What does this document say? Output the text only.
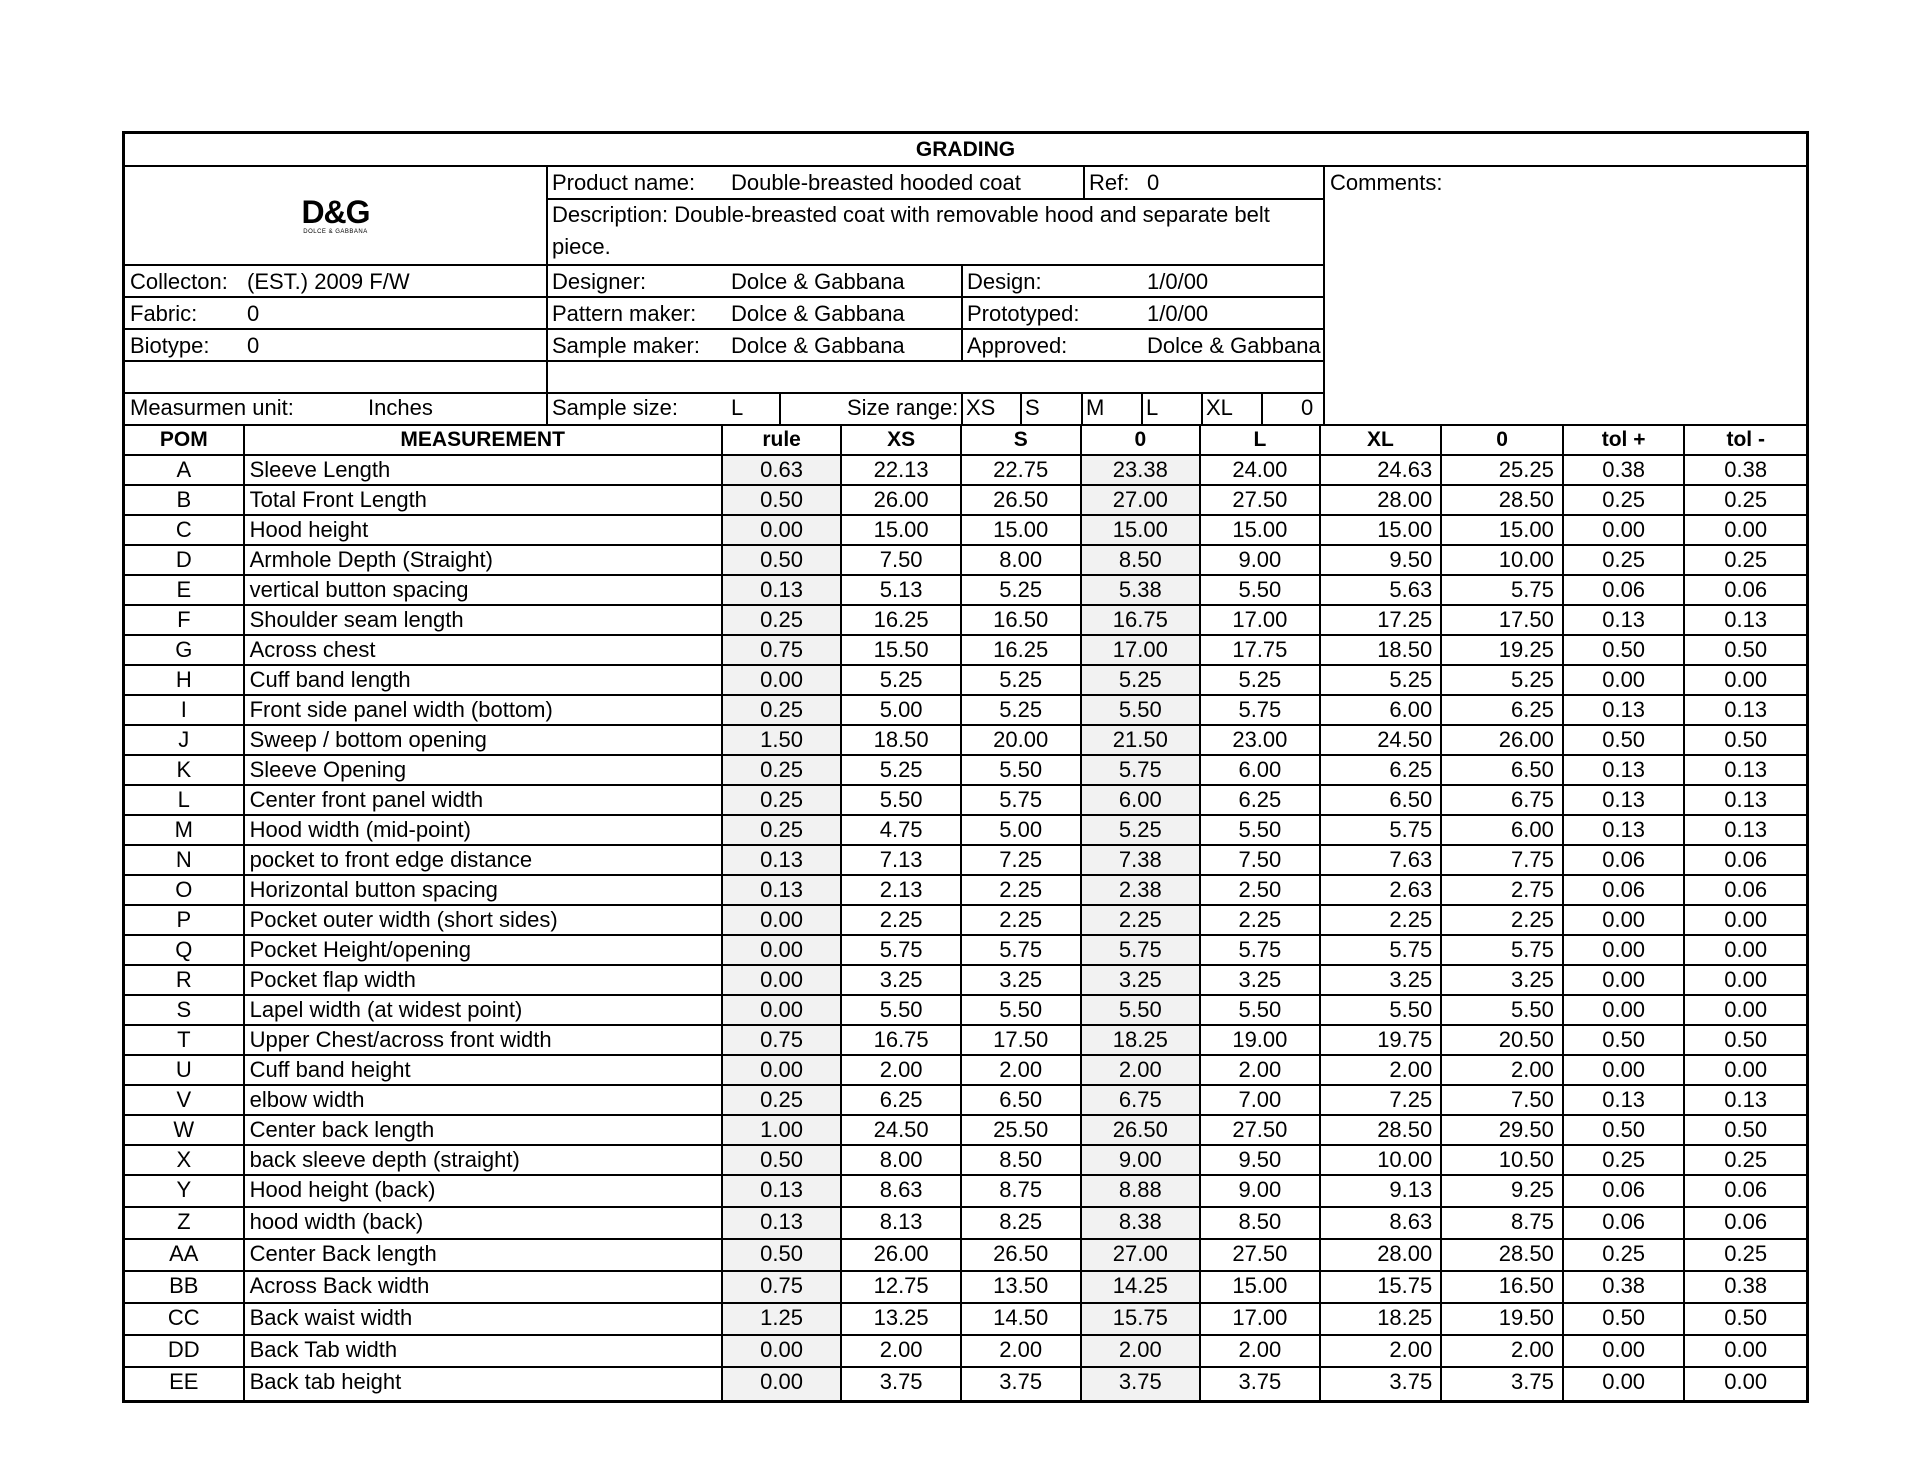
GRADING
D&G
DOLCE & GABBANA
Product name: Double-breasted hooded coat	Ref: 0	Comments:
Description: Double-breasted coat with removable hood and separate belt
piece.
Collecton: (EST.) 2009 F/W
Fabric: 0
Biotype: 0
Measurmen unit:	Inches
Designer:	Dolce & Gabbana
Pattern maker: Dolce & Gabbana
Sample maker: Dolce & Gabbana
Design:	1/0/00
Prototyped:	1/0/00
Approved:	Dolce & Gabbana
Sample size: L	Size range: XS S M L XL	0
POM	MEASUREMENT	rule	XS	S	0	L	XL	0	tol +	tol -
A	Sleeve Length	0.63	22.13	22.75	23.38	24.00	24.63	25.25	0.38	0.38
B	Total Front Length	0.50	26.00	26.50	27.00	27.50	28.00	28.50	0.25	0.25
C	Hood height	0.00	15.00	15.00	15.00	15.00	15.00	15.00	0.00	0.00
D	Armhole Depth (Straight)	0.50	7.50	8.00	8.50	9.00	9.50	10.00	0.25	0.25
E	vertical button spacing	0.13	5.13	5.25	5.38	5.50	5.63	5.75	0.06	0.06
F	Shoulder seam length	0.25	16.25	16.50	16.75	17.00	17.25	17.50	0.13	0.13
G	Across chest	0.75	15.50	16.25	17.00	17.75	18.50	19.25	0.50	0.50
H	Cuff band length	0.00	5.25	5.25	5.25	5.25	5.25	5.25	0.00	0.00
I	Front side panel width (bottom)	0.25	5.00	5.25	5.50	5.75	6.00	6.25	0.13	0.13
J	Sweep / bottom opening	1.50	18.50	20.00	21.50	23.00	24.50	26.00	0.50	0.50
K	Sleeve Opening	0.25	5.25	5.50	5.75	6.00	6.25	6.50	0.13	0.13
L	Center front panel width	0.25	5.50	5.75	6.00	6.25	6.50	6.75	0.13	0.13
M	Hood width (mid-point)	0.25	4.75	5.00	5.25	5.50	5.75	6.00	0.13	0.13
N	pocket to front edge distance	0.13	7.13	7.25	7.38	7.50	7.63	7.75	0.06	0.06
O	Horizontal button spacing	0.13	2.13	2.25	2.38	2.50	2.63	2.75	0.06	0.06
P	Pocket outer width (short sides)	0.00	2.25	2.25	2.25	2.25	2.25	2.25	0.00	0.00
Q	Pocket Height/opening	0.00	5.75	5.75	5.75	5.75	5.75	5.75	0.00	0.00
R	Pocket flap width	0.00	3.25	3.25	3.25	3.25	3.25	3.25	0.00	0.00
S	Lapel width (at widest point)	0.00	5.50	5.50	5.50	5.50	5.50	5.50	0.00	0.00
T	Upper Chest/across front width	0.75	16.75	17.50	18.25	19.00	19.75	20.50	0.50	0.50
U	Cuff band height	0.00	2.00	2.00	2.00	2.00	2.00	2.00	0.00	0.00
V	elbow width	0.25	6.25	6.50	6.75	7.00	7.25	7.50	0.13	0.13
W	Center back length	1.00	24.50	25.50	26.50	27.50	28.50	29.50	0.50	0.50
X	back sleeve depth (straight)	0.50	8.00	8.50	9.00	9.50	10.00	10.50	0.25	0.25
Y	Hood height (back)	0.13	8.63	8.75	8.88	9.00	9.13	9.25	0.06	0.06
Z	hood width (back)	0.13	8.13	8.25	8.38	8.50	8.63	8.75	0.06	0.06
AA	Center Back length	0.50	26.00	26.50	27.00	27.50	28.00	28.50	0.25	0.25
BB	Across Back width	0.75	12.75	13.50	14.25	15.00	15.75	16.50	0.38	0.38
CC	Back waist width	1.25	13.25	14.50	15.75	17.00	18.25	19.50	0.50	0.50
DD	Back Tab width	0.00	2.00	2.00	2.00	2.00	2.00	2.00	0.00	0.00
EE	Back tab height	0.00	3.75	3.75	3.75	3.75	3.75	3.75	0.00	0.00
